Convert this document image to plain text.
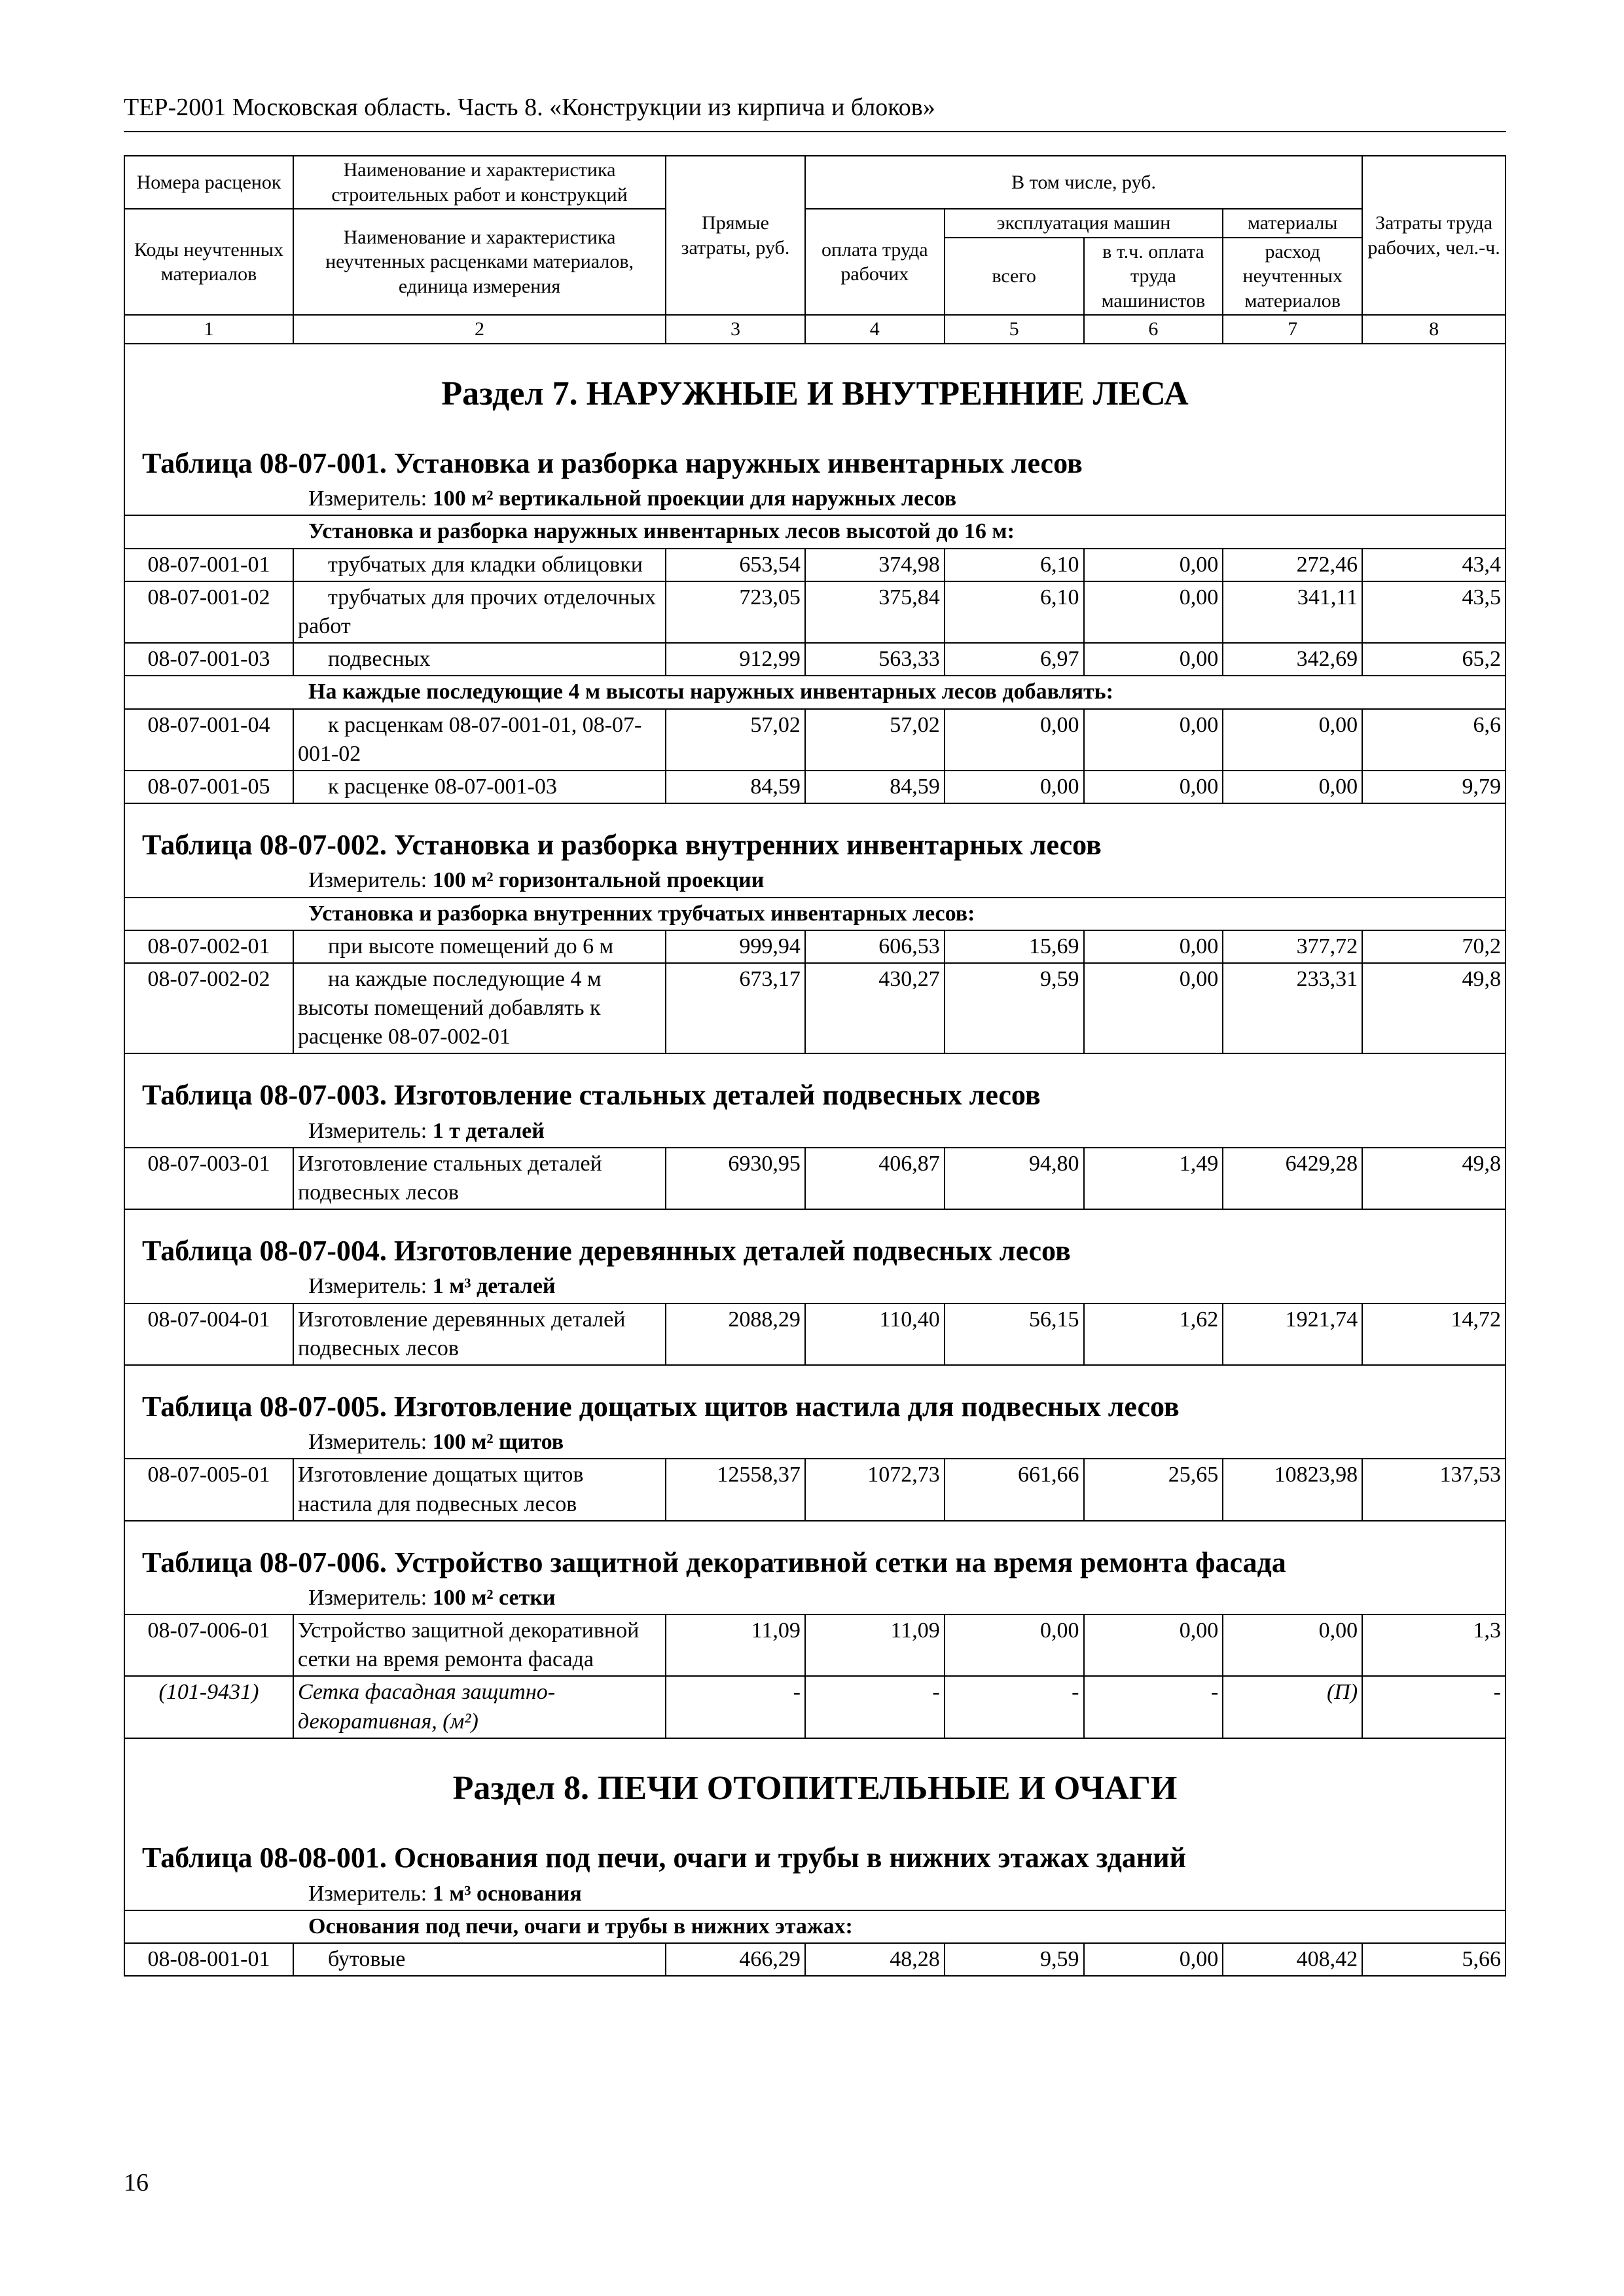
ТЕР-2001 Московская область. Часть 8. «Конструкции из кирпича и блоков»
Номера расценок	Наименование и характеристика строительных работ и конструкций	Прямые затраты, руб.	В том числе, руб.				Затраты труда рабочих, чел.-ч.
Коды неучтенных материалов	Наименование и характеристика неучтенных расценками материалов, единица измерения		оплата труда рабочих	эксплуатация машин		материалы	
				всего	в т.ч. оплата труда машинистов	расход неучтенных материалов	
1	2	3	4	5	6	7	8
Раздел 7. НАРУЖНЫЕ И ВНУТРЕННИЕ ЛЕСА							
Таблица 08-07-001. Установка и разборка наружных инвентарных лесов							
Измеритель: 100 м² вертикальной проекции для наружных лесов							
Установка и разборка наружных инвентарных лесов высотой до 16 м:							
08-07-001-01	трубчатых для кладки облицовки	653,54	374,98	6,10	0,00	272,46	43,4
08-07-001-02	трубчатых для прочих отделочных работ	723,05	375,84	6,10	0,00	341,11	43,5
08-07-001-03	подвесных	912,99	563,33	6,97	0,00	342,69	65,2
На каждые последующие 4 м высоты наружных инвентарных лесов добавлять:							
08-07-001-04	к расценкам 08-07-001-01, 08-07-001-02	57,02	57,02	0,00	0,00	0,00	6,6
08-07-001-05	к расценке 08-07-001-03	84,59	84,59	0,00	0,00	0,00	9,79
Таблица 08-07-002. Установка и разборка внутренних инвентарных лесов							
Измеритель: 100 м² горизонтальной проекции							
Установка и разборка внутренних трубчатых инвентарных лесов:							
08-07-002-01	при высоте помещений до 6 м	999,94	606,53	15,69	0,00	377,72	70,2
08-07-002-02	на каждые последующие 4 м высоты помещений добавлять к расценке 08-07-002-01	673,17	430,27	9,59	0,00	233,31	49,8
Таблица 08-07-003. Изготовление стальных деталей подвесных лесов							
Измеритель: 1 т деталей							
08-07-003-01	Изготовление стальных деталей подвесных лесов	6930,95	406,87	94,80	1,49	6429,28	49,8
Таблица 08-07-004. Изготовление деревянных деталей подвесных лесов							
Измеритель: 1 м³ деталей							
08-07-004-01	Изготовление деревянных деталей подвесных лесов	2088,29	110,40	56,15	1,62	1921,74	14,72
Таблица 08-07-005. Изготовление дощатых щитов настила для подвесных лесов							
Измеритель: 100 м² щитов							
08-07-005-01	Изготовление дощатых щитов настила для подвесных лесов	12558,37	1072,73	661,66	25,65	10823,98	137,53
Таблица 08-07-006. Устройство защитной декоративной сетки на время ремонта фасада							
Измеритель: 100 м² сетки							
08-07-006-01	Устройство защитной декоративной сетки на время ремонта фасада	11,09	11,09	0,00	0,00	0,00	1,3
(101-9431)	Сетка фасадная защитно-декоративная, (м²)	-	-	-	-	(П)	-
Раздел 8. ПЕЧИ ОТОПИТЕЛЬНЫЕ И ОЧАГИ							
Таблица 08-08-001. Основания под печи, очаги и трубы в нижних этажах зданий							
Измеритель: 1 м³ основания							
Основания под печи, очаги и трубы в нижних этажах:							
08-08-001-01	бутовые	466,29	48,28	9,59	0,00	408,42	5,66
16
